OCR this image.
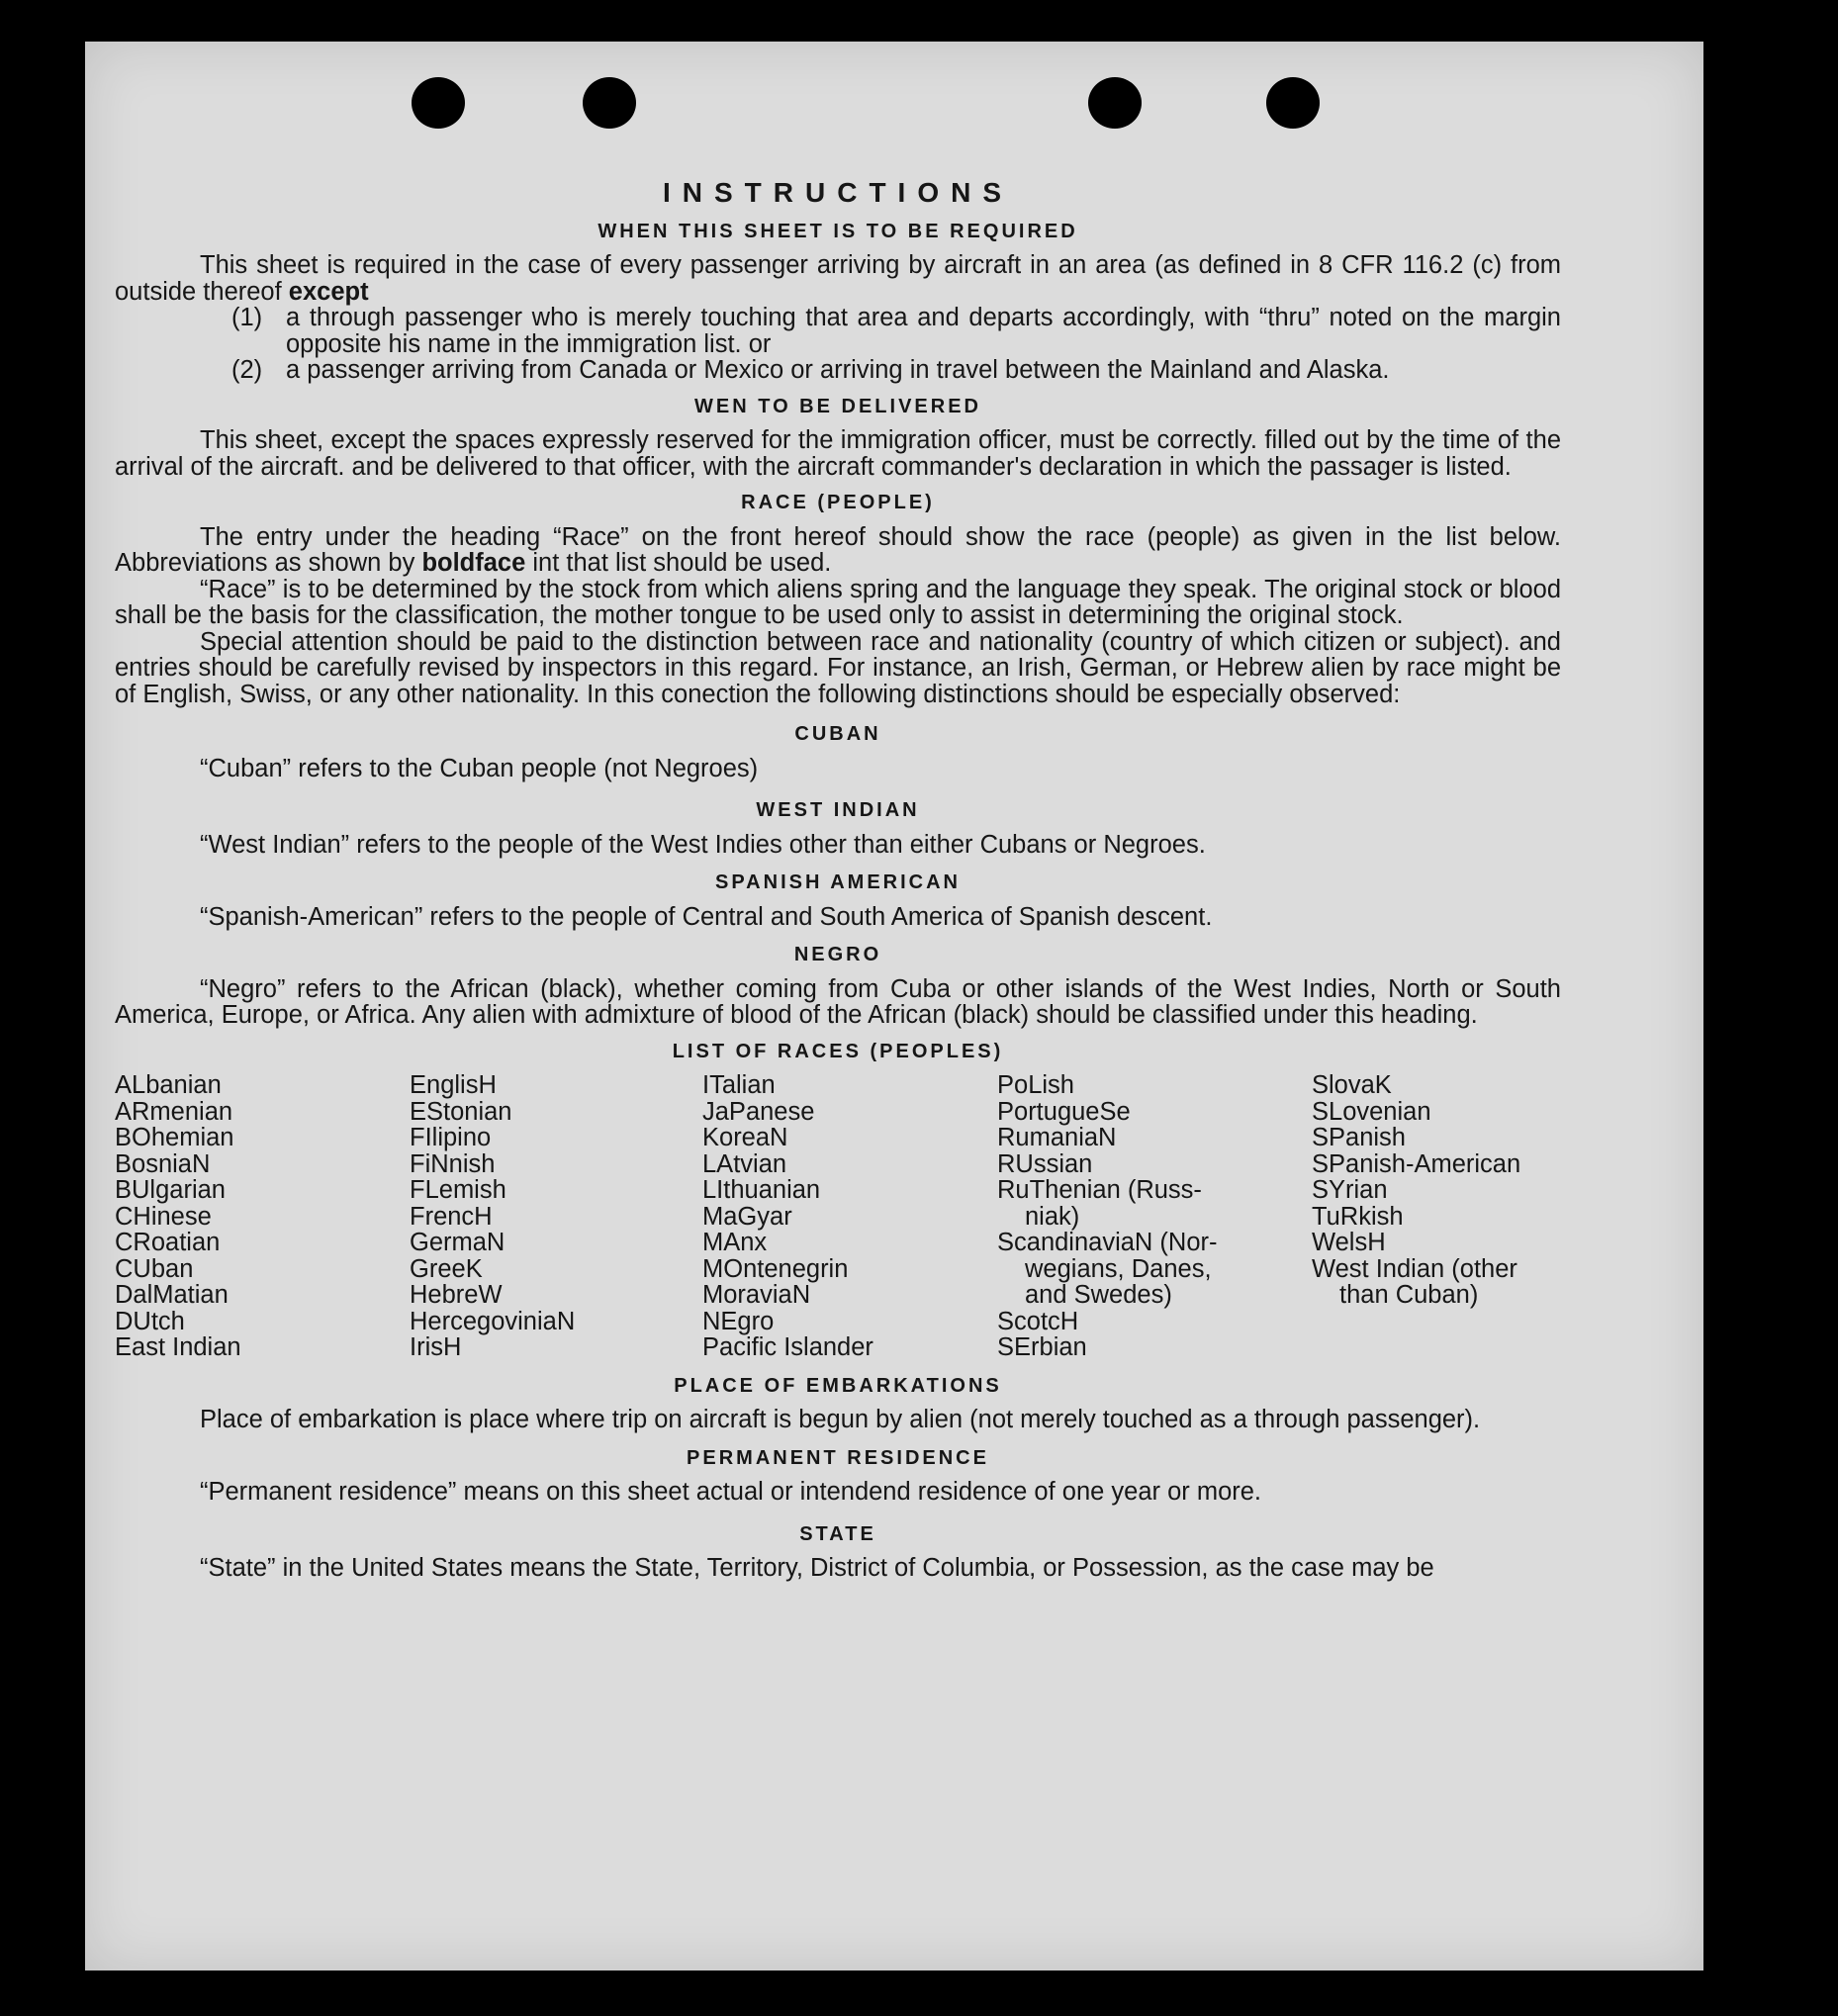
INSTRUCTIONS
WHEN THIS SHEET IS TO BE REQUIRED

This sheet is required in the case of every passenger arriving by aircraft in an area (as defined in 8 CFR 116.2 (c) from outside thereof except

(1) a through passenger who is merely touching that area and departs accordingly, with “thru” noted on the margin opposite his name in the immigration list. or
(2) a passenger arriving from Canada or Mexico or arriving in travel between the Mainland and Alaska.
WEN TO BE DELIVERED

This sheet, except the spaces expressly reserved for the immigration officer, must be correctly. filled out by the time of the arrival of the aircraft. and be delivered to that officer, with the aircraft commander's declaration in which the passager is listed.

RACE (PEOPLE)

The entry under the heading “Race” on the front hereof should show the race (people) as given in the list below. Abbreviations as shown by boldface int that list should be used.

“Race” is to be determined by the stock from which aliens spring and the language they speak. The original stock or blood shall be the basis for the classification, the mother tongue to be used only to assist in determining the original stock.

Special attention should be paid to the distinction between race and nationality (country of which citizen or subject). and entries should be carefully revised by inspectors in this regard. For instance, an Irish, German, or Hebrew alien by race might be of English, Swiss, or any other nationality. In this conection the following distinctions should be especially observed:

CUBAN

“Cuban” refers to the Cuban people (not Negroes)

WEST INDIAN

“West Indian” refers to the people of the West Indies other than either Cubans or Negroes.

SPANISH AMERICAN

“Spanish-American” refers to the people of Central and South America of Spanish descent.

NEGRO

“Negro” refers to the African (black), whether coming from Cuba or other islands of the West Indies, North or South America, Europe, or Africa. Any alien with admixture of blood of the African (black) should be classified under this heading.

LIST OF RACES (PEOPLES)
ALbanian
ARmenian
BOhemian
BosniaN
BUlgarian
CHinese
CRoatian
CUban
DalMatian
DUtch
East Indian
EnglisH
EStonian
FIlipino
FiNnish
FLemish
FrencH
GermaN
GreeK
HebreW
HercegoviniaN
IrisH
ITalian
JaPanese
KoreaN
LAtvian
LIthuanian
MaGyar
MAnx
MOntenegrin
MoraviaN
NEgro
Pacific Islander
PoLish
PortugueSe
RumaniaN
RUssian
RuThenian (Russ-
niak)
ScandinaviaN (Nor-
wegians, Danes,
and Swedes)
ScotcH
SErbian
SlovaK
SLovenian
SPanish
SPanish-American
SYrian
TuRkish
WelsH
West Indian (other
than Cuban)
PLACE OF EMBARKATIONS

Place of embarkation is place where trip on aircraft is begun by alien (not merely touched as a through passenger).

PERMANENT RESIDENCE

“Permanent residence” means on this sheet actual or intendend residence of one year or more.

STATE

“State” in the United States means the State, Territory, District of Columbia, or Possession, as the case may be
